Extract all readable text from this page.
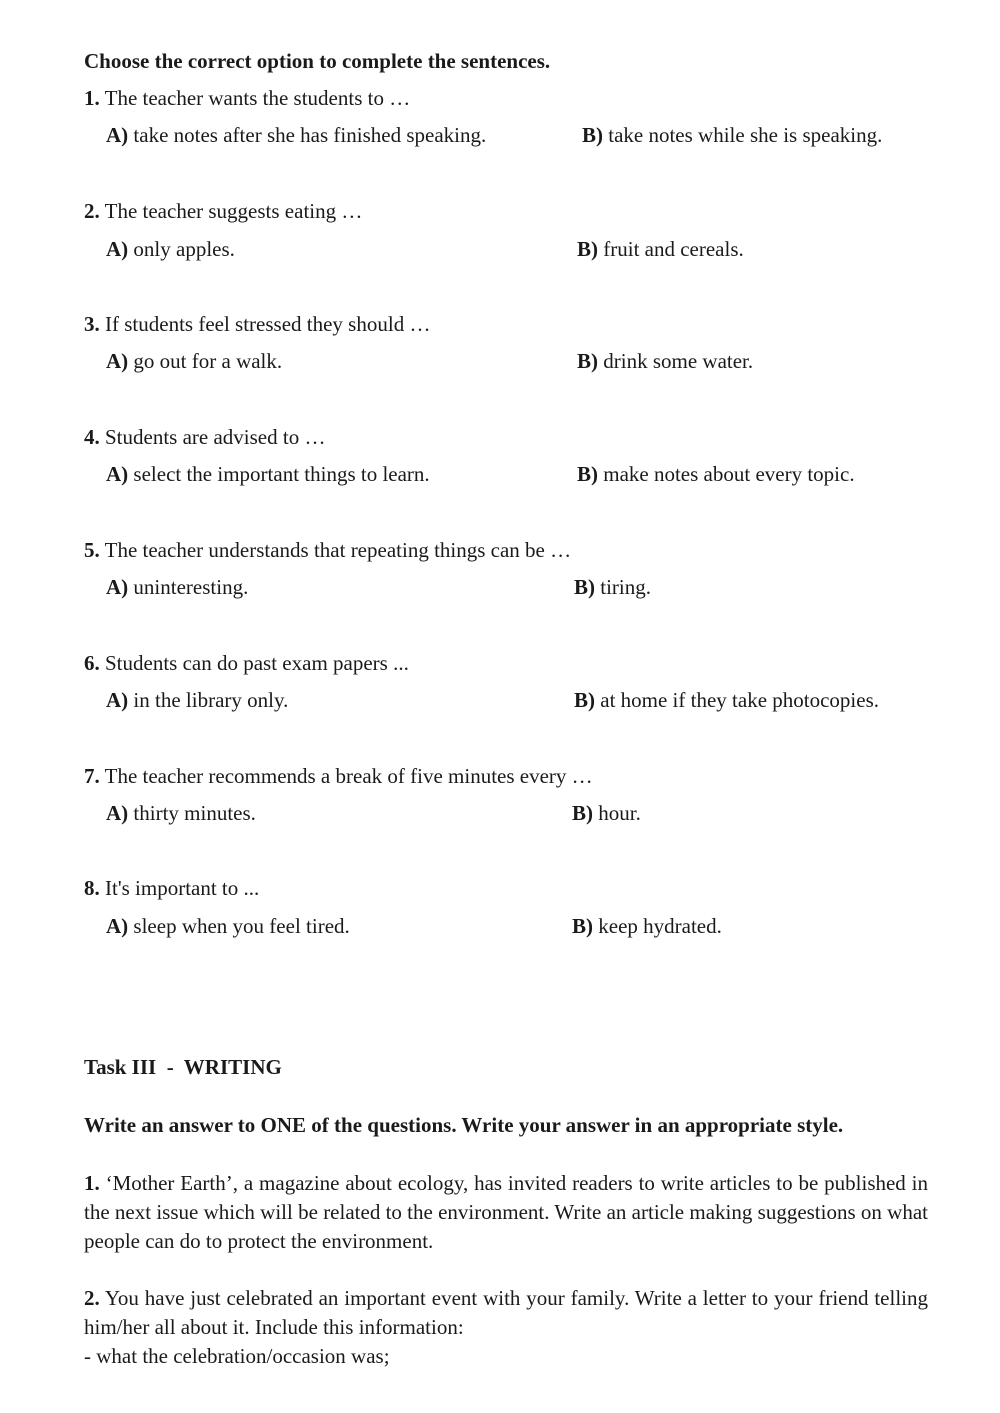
Choose the correct option to complete the sentences.
1. The teacher wants the students to …
A) take notes after she has finished speaking.	B) take notes while she is speaking.
2. The teacher suggests eating …
A) only apples.	B) fruit and cereals.
3. If students feel stressed they should …
A) go out for a walk.	B) drink some water.
4. Students are advised to …
A) select the important things to learn.	B) make notes about every topic.
5. The teacher understands that repeating things can be …
A) uninteresting.	B) tiring.
6. Students can do past exam papers ...
A) in the library only.	B) at home if they take photocopies.
7. The teacher recommends a break of five minutes every …
A) thirty minutes.	B) hour.
8. It's important to ...
A) sleep when you feel tired.	B) keep hydrated.
Task III  -  WRITING
Write an answer to ONE of the questions. Write your answer in an appropriate style.
1. ‘Mother Earth’, a magazine about ecology, has invited readers to write articles to be published in the next issue which will be related to the environment. Write an article making suggestions on what people can do to protect the environment.
2. You have just celebrated an important event with your family. Write a letter to your friend telling him/her all about it. Include this information:
- what the celebration/occasion was;
